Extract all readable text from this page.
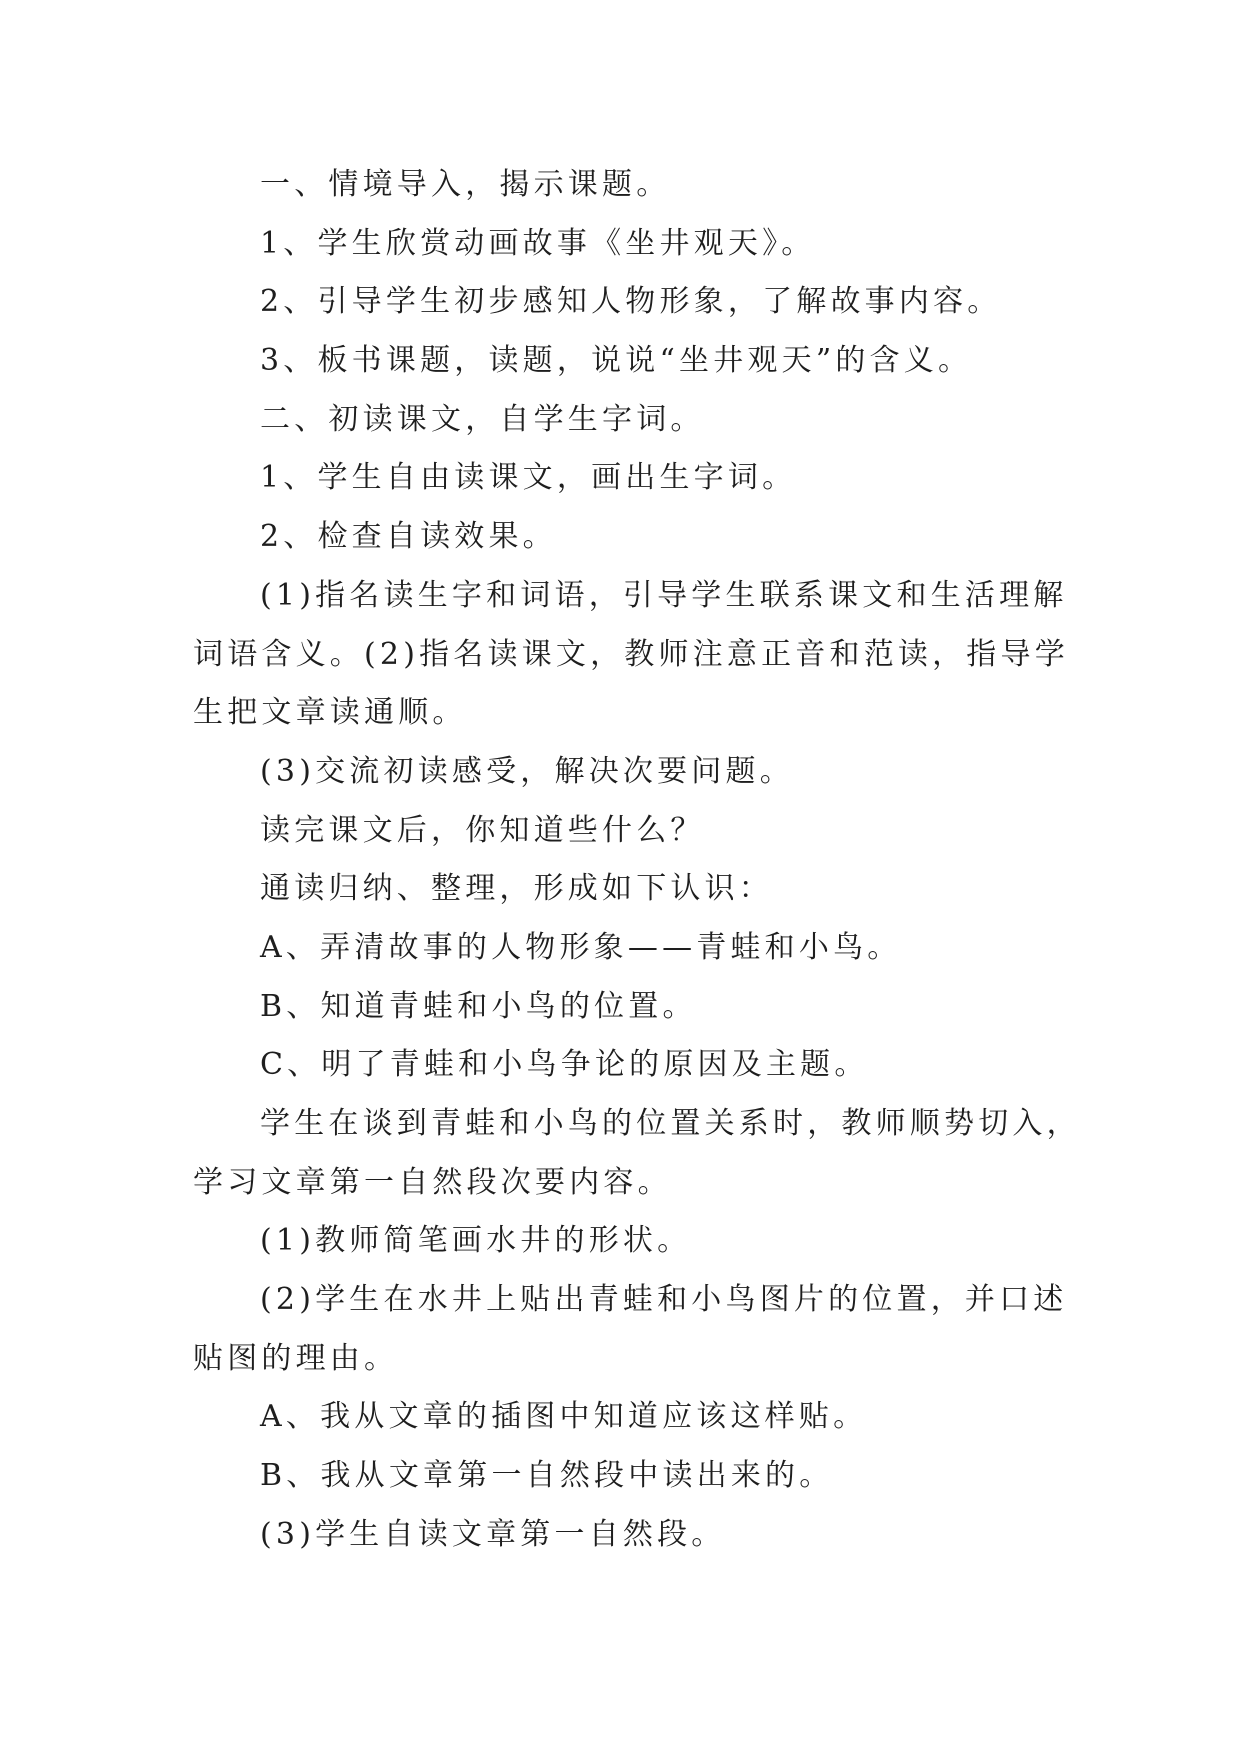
一、情境导入，揭示课题。

1、学生欣赏动画故事《坐井观天》。

2、引导学生初步感知人物形象，了解故事内容。

3、板书课题，读题，说说“坐井观天”的含义。

二、初读课文，自学生字词。

1、学生自由读课文，画出生字词。

2、检查自读效果。

(1)指名读生字和词语，引导学生联系课文和生活理解
词语含义。(2)指名读课文，教师注意正音和范读，指导学
生把文章读通顺。

(3)交流初读感受，解决次要问题。

读完课文后，你知道些什么？

通读归纳、整理，形成如下认识：

A、弄清故事的人物形象——青蛙和小鸟。

B、知道青蛙和小鸟的位置。

C、明了青蛙和小鸟争论的原因及主题。

学生在谈到青蛙和小鸟的位置关系时，教师顺势切入，
学习文章第一自然段次要内容。

(1)教师简笔画水井的形状。

(2)学生在水井上贴出青蛙和小鸟图片的位置，并口述
贴图的理由。

A、我从文章的插图中知道应该这样贴。

B、我从文章第一自然段中读出来的。

(3)学生自读文章第一自然段。
